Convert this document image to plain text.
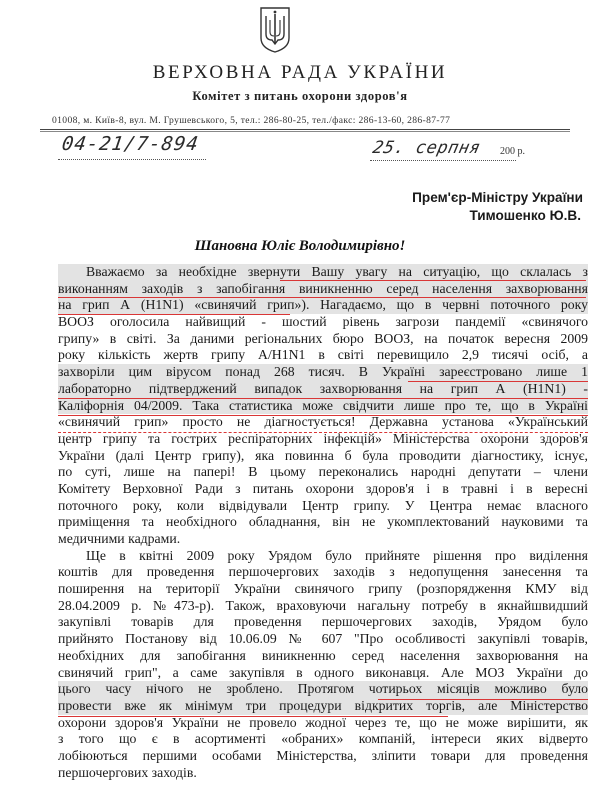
ВЕРХОВНА РАДА УКРАЇНИ
Комітет з питань охорони здоров'я
01008, м. Київ-8, вул. М. Грушевського, 5, тел.: 286-80-25, тел./факс: 286-13-60, 286-87-77
04-21/7-894	25. серпня 200 р.
Прем'єр-Міністру України
Тимошенко Ю.В.
Шановна Юліє Володимирівно!
Вважаємо за необхідне звернути Вашу увагу на ситуацію, що склалась з
виконанням заходів з запобігання виникненню серед населення захворювання
на грип А (H1N1) «свинячий грип»). Нагадаємо, що в червні поточного року
ВООЗ оголосила найвищий - шостий рівень загрози пандемії «свинячого
грипу» в світі. За даними регіональних бюро ВООЗ, на початок вересня 2009
року кількість жертв грипу А/H1N1 в світі перевищило 2,9 тисячі осіб, а
захворіли цим вірусом понад 268 тисяч. В Україні зареєстровано лише 1
лабораторно підтверджений випадок захворювання на грип А (H1N1) -
Каліфорнія 04/2009. Така статистика може свідчити лише про те, що в Україні
«свинячий грип» просто не діагностується! Державна установа «Український
центр грипу та гострих респіраторних інфекцій» Міністерства охорони здоров'я
України (далі Центр грипу), яка повинна б була проводити діагностику, існує,
по суті, лише на папері! В цьому переконались народні депутати – члени
Комітету Верховної Ради з питань охорони здоров'я і в травні і в вересні
поточного року, коли відвідували Центр грипу. У Центра немає власного
приміщення та необхідного обладнання, він не укомплектований науковими та
медичними кадрами.
Ще в квітні 2009 року Урядом було прийняте рішення про виділення
коштів для проведення першочергових заходів з недопущення занесення та
поширення на території України свинячого грипу (розпорядження КМУ від
28.04.2009 р. №473-р). Також, враховуючи нагальну потребу в якнайшвидший
закупівлі товарів для проведення першочергових заходів, Урядом було
прийнято Постанову від 10.06.09 № 607 "Про особливості закупівлі товарів,
необхідних для запобігання виникненню серед населення захворювання на
свинячий грип", а саме закупівля в одного виконавця. Але МОЗ України до
цього часу нічого не зроблено. Протягом чотирьох місяців можливо було
провести вже як мінімум три процедури відкритих торгів, але Міністерство
охорони здоров'я України не провело жодної через те, що не може вирішити, як
з того що є в асортименті «обраних» компаній, інтереси яких відверто
лобіюються першими особами Міністерства, зліпити товари для проведення
першочергових заходів.
